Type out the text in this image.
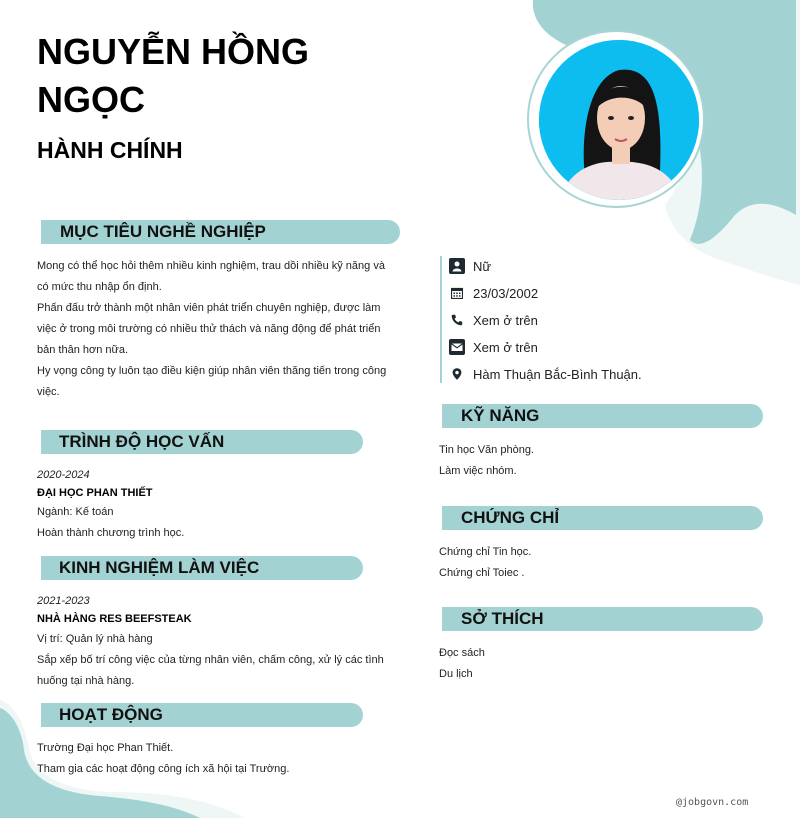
NGUYỄN HỒNG
NGỌC
HÀNH CHÍNH
MỤC TIÊU NGHỀ NGHIỆP
Mong có thể học hỏi thêm nhiều kinh nghiệm, trau dồi nhiều kỹ năng và
có mức thu nhập ổn định.
Phấn đấu trở thành một nhân viên phát triển chuyên nghiệp, được làm
việc ở trong môi trường có nhiều thử thách và năng động để phát triển
bản thân hơn nữa.
Hy vọng công ty luôn tạo điều kiện giúp nhân viên thăng tiến trong công
việc.
TRÌNH ĐỘ HỌC VẤN
2020-2024
ĐẠI HỌC PHAN THIẾT
Ngành: Kế toán
Hoàn thành chương trình học.
KINH NGHIỆM LÀM VIỆC
2021-2023
NHÀ HÀNG RES BEEFSTEAK
Vị trí: Quản lý nhà hàng
Sắp xếp bố trí công việc của từng nhân viên, chấm công, xử lý các tình
huống tại nhà hàng.
HOẠT ĐỘNG
Trường Đại học Phan Thiết.
Tham gia các hoạt động công ích xã hội tại Trường.
Nữ
23/03/2002
Xem ở trên
Xem ở trên
Hàm Thuận Bắc-Bình Thuận.
KỸ NĂNG
Tin học Văn phòng.
Làm việc nhóm.
CHỨNG CHỈ
Chứng chỉ Tin học.
Chứng chỉ Toiec .
SỞ THÍCH
Đọc sách
Du lịch
@jobgovn.com
